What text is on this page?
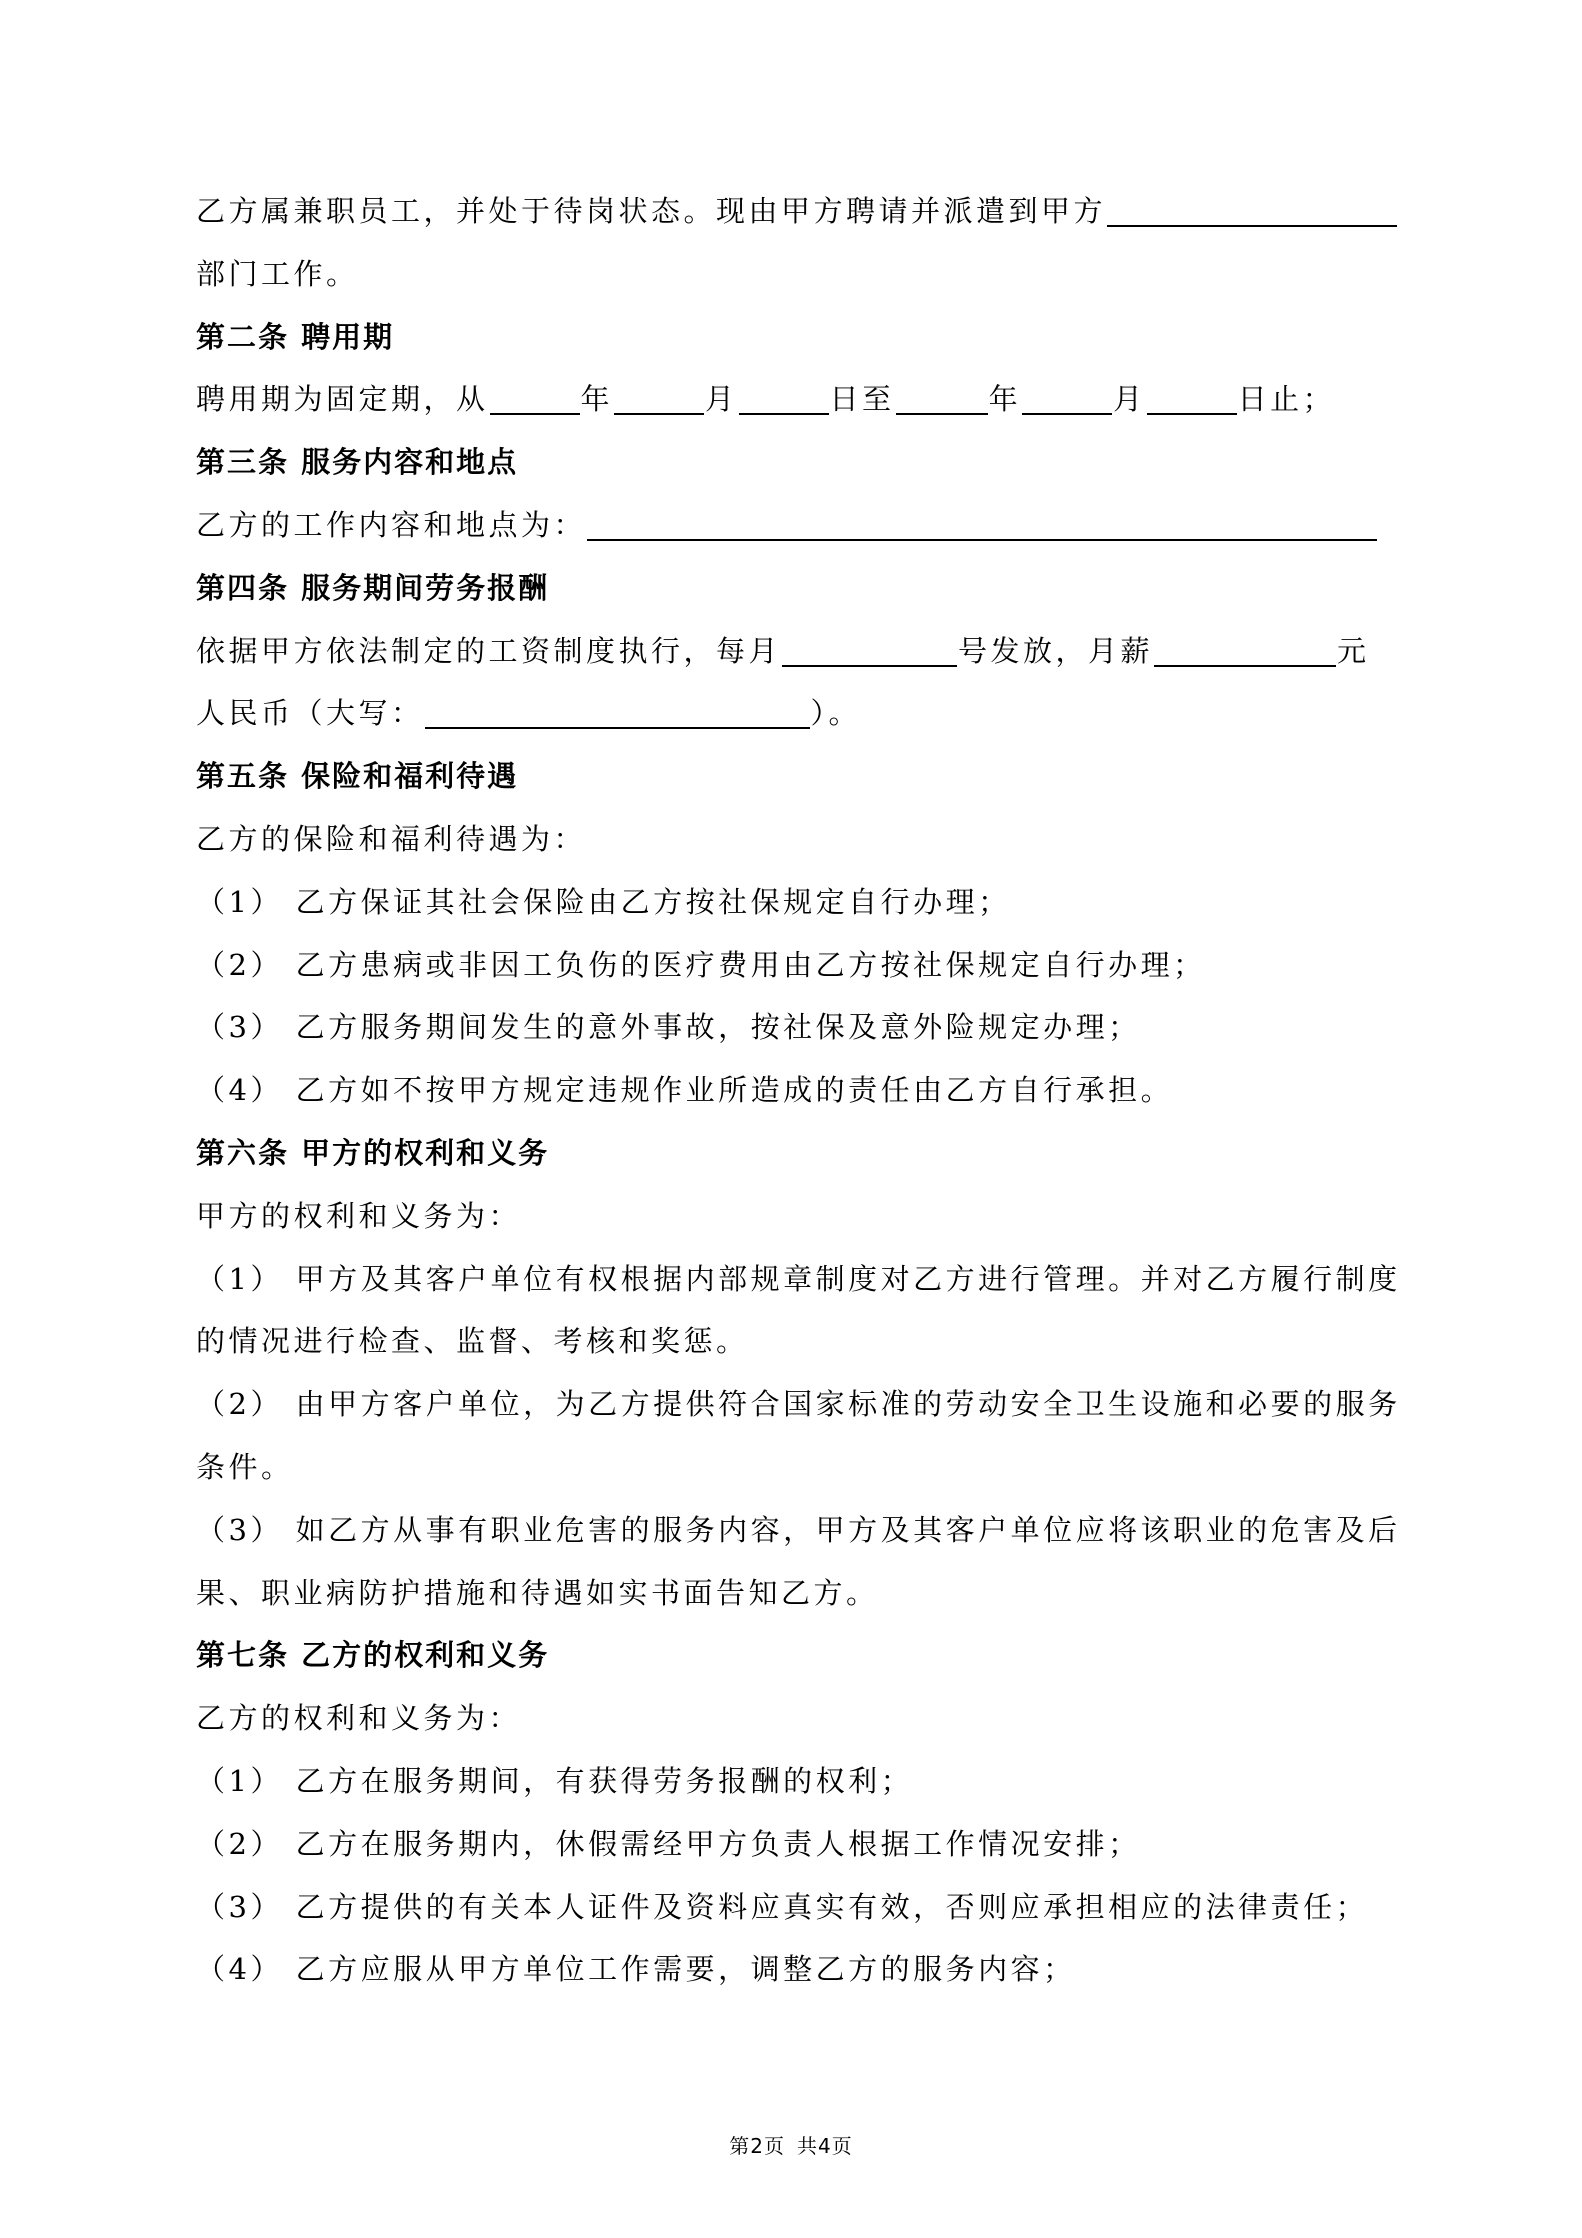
乙方属兼职员工，并处于待岗状态。现由甲方聘请并派遣到甲方
部门工作。
第二条 聘用期
聘用期为固定期，从	年	月	日至	年	月	日止；
第三条 服务内容和地点
乙方的工作内容和地点为：
第四条 服务期间劳务报酬
依据甲方依法制定的工资制度执行，每月	号发放，月薪	元
人民币（大写：	）。
第五条 保险和福利待遇
乙方的保险和福利待遇为：
（1） 乙方保证其社会保险由乙方按社保规定自行办理；
（2） 乙方患病或非因工负伤的医疗费用由乙方按社保规定自行办理；
（3） 乙方服务期间发生的意外事故，按社保及意外险规定办理；
（4） 乙方如不按甲方规定违规作业所造成的责任由乙方自行承担。
第六条 甲方的权利和义务
甲方的权利和义务为：
（1） 甲方及其客户单位有权根据内部规章制度对乙方进行管理。并对乙方履行制度
的情况进行检查、监督、考核和奖惩。
（2） 由甲方客户单位，为乙方提供符合国家标准的劳动安全卫生设施和必要的服务
条件。
（3） 如乙方从事有职业危害的服务内容，甲方及其客户单位应将该职业的危害及后
果、职业病防护措施和待遇如实书面告知乙方。
第七条 乙方的权利和义务
乙方的权利和义务为：
（1） 乙方在服务期间，有获得劳务报酬的权利；
（2） 乙方在服务期内，休假需经甲方负责人根据工作情况安排；
（3） 乙方提供的有关本人证件及资料应真实有效，否则应承担相应的法律责任；
（4） 乙方应服从甲方单位工作需要，调整乙方的服务内容；
第2页 共4页
